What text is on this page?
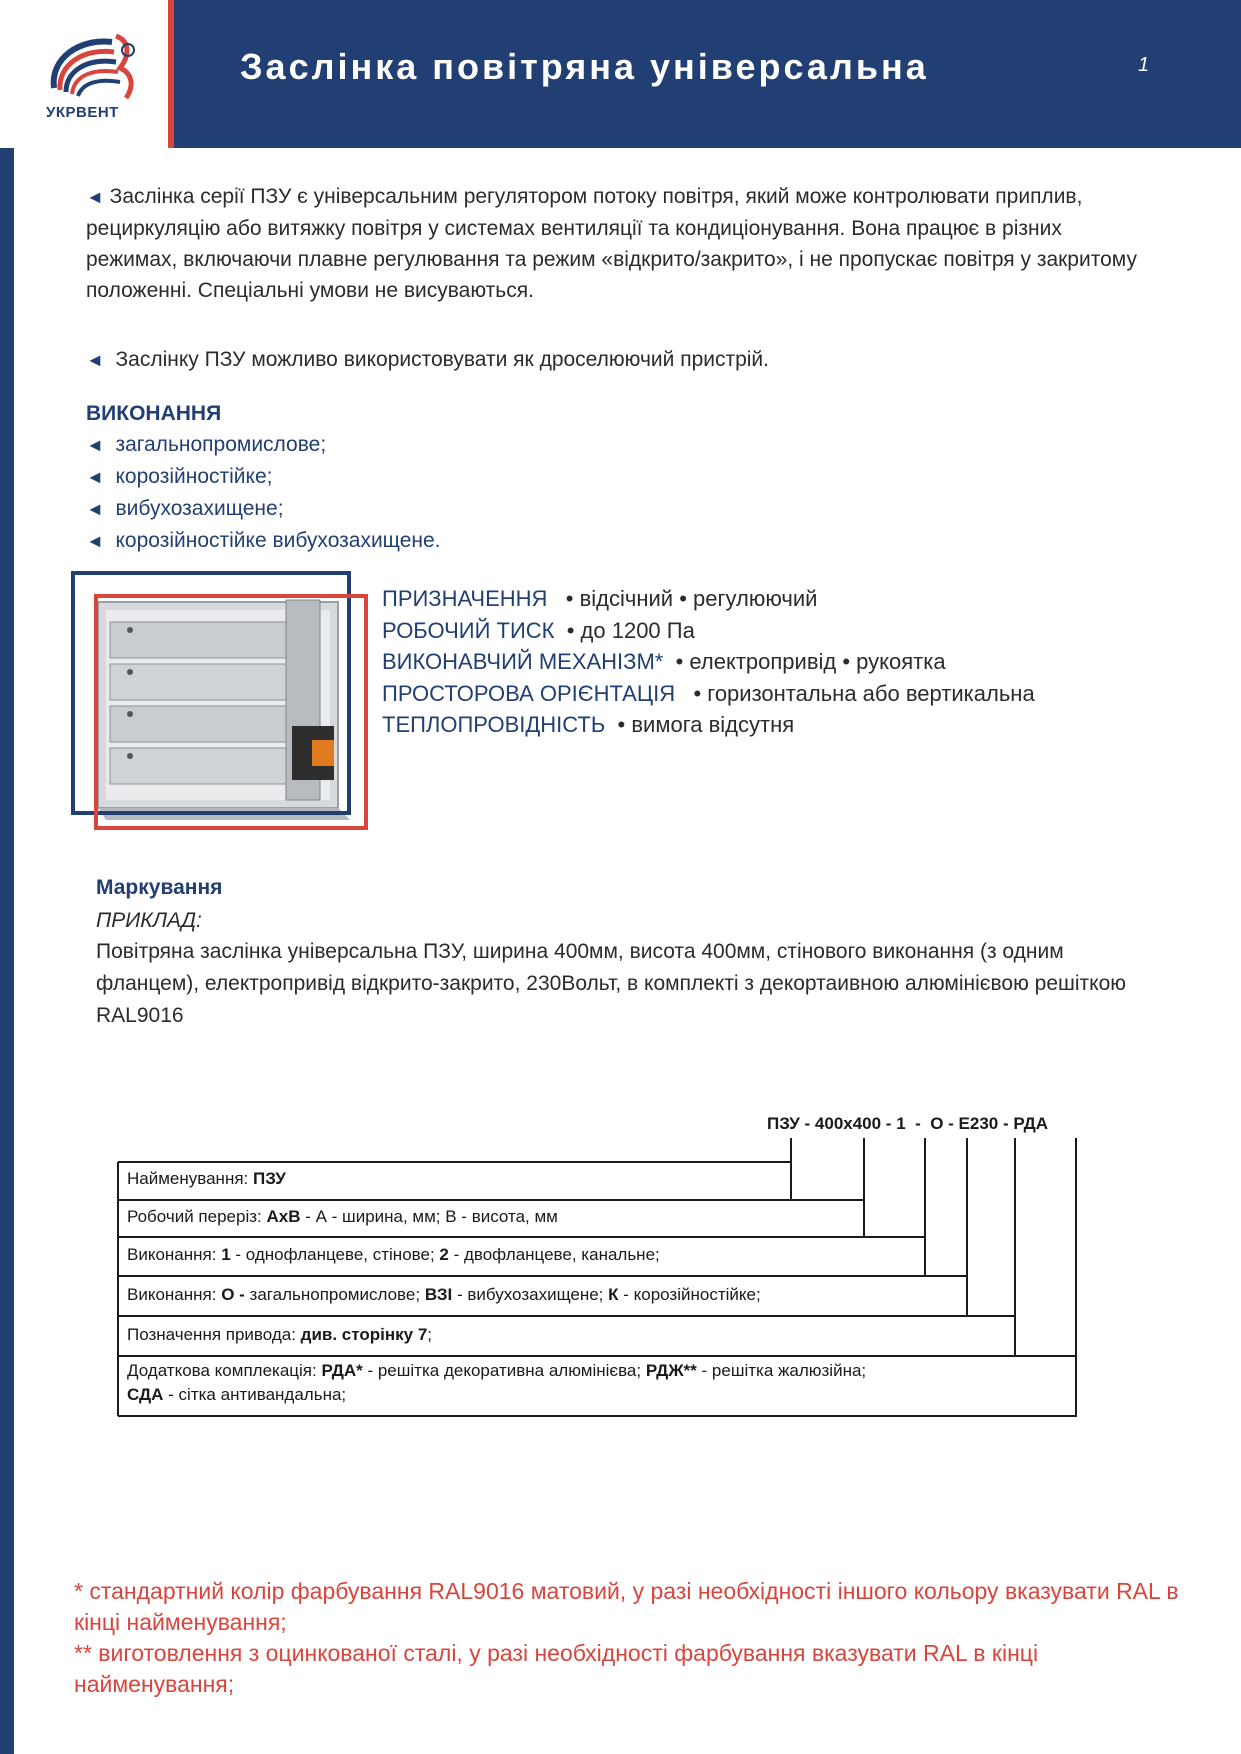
УКРВЕНТ
Заслінка повітряна універсальна	1
◄ Заслінка серії ПЗУ є універсальним регулятором потоку повітря, який може контролювати приплив, рециркуляцію або витяжку повітря у системах вентиляції та кондиціонування. Вона працює в різних режимах, включаючи плавне регулювання та режим «відкрито/закрито», і не пропускає повітря у закритому положенні. Спеціальні умови не висуваються.
◄ Заслінку ПЗУ можливо використовувати як дроселюючий пристрій.
ВИКОНАННЯ
◄ загальнопромислове;
◄ корозійностійке;
◄ вибухозахищене;
◄ корозійностійке вибухозахищене.
ПРИЗНАЧЕННЯ • відсічний • регулюючий
РОБОЧИЙ ТИСК • до 1200 Па
ВИКОНАВЧИЙ МЕХАНІЗМ* • електропривід • рукоятка
ПРОСТОРОВА ОРІЄНТАЦІЯ • горизонтальна або вертикальна
ТЕПЛОПРОВІДНІСТЬ • вимога відсутня
Маркування
ПРИКЛАД:
Повітряна заслінка універсальна ПЗУ, ширина 400мм, висота 400мм, стінового виконання (з одним фланцем), електропривід відкрито-закрито, 230Вольт, в комплекті з декортаивною алюмінієвою решіткою RAL9016
ПЗУ - 400х400 - 1  -  О - Е230 - РДА
Найменування: ПЗУ
Робочий переріз: АхВ - А - ширина, мм; В - висота, мм
Виконання: 1 - однофланцеве, стінове; 2 - двофланцеве, канальне;
Виконання: О - загальнопромислове; ВЗІ - вибухозахищене; К - корозійностійке;
Позначення привода: див. сторінку 7;
Додаткова комплекація: РДА* - решітка декоративна алюмінієва; РДЖ** - решітка жалюзійна;
СДА - сітка антивандальна;
* стандартний колір фарбування RAL9016 матовий, у разі необхідності іншого кольору вказувати RAL в кінці найменування;
** виготовлення з оцинкованої сталі, у разі необхідності фарбування вказувати RAL в кінці найменування;
